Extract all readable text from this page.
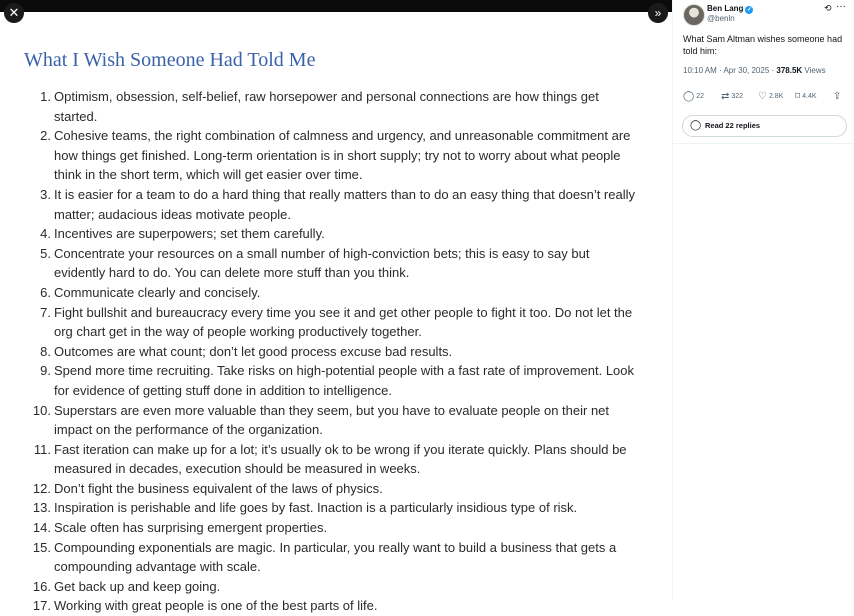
✕	»
What I Wish Someone Had Told Me
1. Optimism, obsession, self-belief, raw horsepower and personal connections are how things get started.
2. Cohesive teams, the right combination of calmness and urgency, and unreasonable commitment are how things get finished. Long-term orientation is in short supply; try not to worry about what people think in the short term, which will get easier over time.
3. It is easier for a team to do a hard thing that really matters than to do an easy thing that doesn’t really matter; audacious ideas motivate people.
4. Incentives are superpowers; set them carefully.
5. Concentrate your resources on a small number of high-conviction bets; this is easy to say but evidently hard to do. You can delete more stuff than you think.
6. Communicate clearly and concisely.
7. Fight bullshit and bureaucracy every time you see it and get other people to fight it too. Do not let the org chart get in the way of people working productively together.
8. Outcomes are what count; don’t let good process excuse bad results.
9. Spend more time recruiting. Take risks on high-potential people with a fast rate of improvement. Look for evidence of getting stuff done in addition to intelligence.
10. Superstars are even more valuable than they seem, but you have to evaluate people on their net impact on the performance of the organization.
11. Fast iteration can make up for a lot; it’s usually ok to be wrong if you iterate quickly. Plans should be measured in decades, execution should be measured in weeks.
12. Don’t fight the business equivalent of the laws of physics.
13. Inspiration is perishable and life goes by fast. Inaction is a particularly insidious type of risk.
14. Scale often has surprising emergent properties.
15. Compounding exponentials are magic. In particular, you really want to build a business that gets a compounding advantage with scale.
16. Get back up and keep going.
17. Working with great people is one of the best parts of life.
Ben Lang ✓
@benln
⟲ ···
What Sam Altman wishes someone had told him:
10:10 AM · Apr 30, 2025 · 378.5K Views
◯ 22 ⇄ 322 ♡ 2.8K ⌑ 4.4K ⇪
◯ Read 22 replies
